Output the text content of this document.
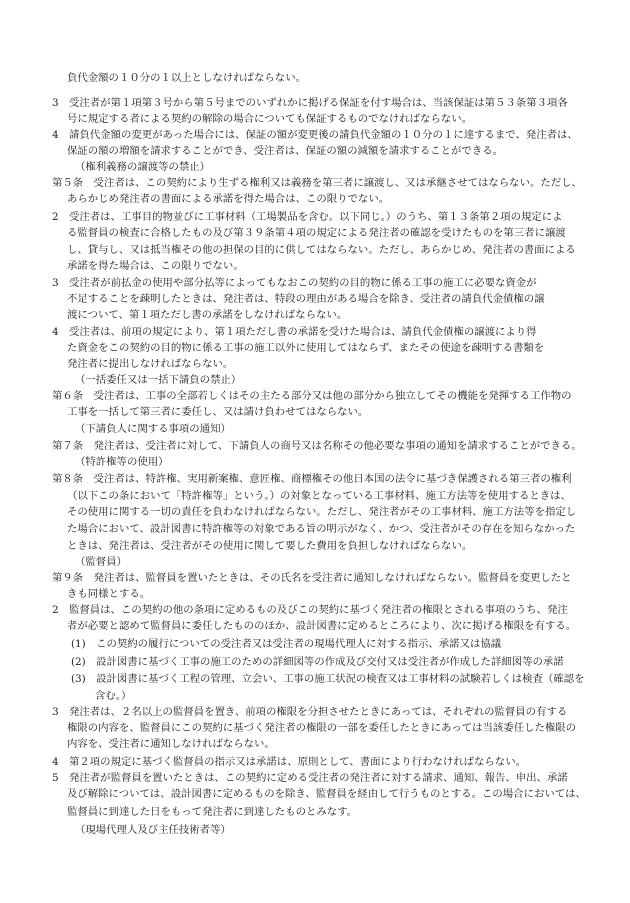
負代金額の１０分の１以上としなければならない。
3　受注者が第１項第３号から第５号までのいずれかに掲げる保証を付す場合は、当該保証は第５３条第３項各
号に規定する者による契約の解除の場合についても保証するものでなければならない。
4　請負代金額の変更があった場合には、保証の額が変更後の請負代金額の１０分の１に達するまで、発注者は、
保証の額の増額を請求することができ、受注者は、保証の額の減額を請求することができる。
（権利義務の譲渡等の禁止）
第５条　受注者は、この契約により生ずる権利又は義務を第三者に譲渡し、又は承継させてはならない。ただし、
あらかじめ発注者の書面による承諾を得た場合は、この限りでない。
2　受注者は、工事目的物並びに工事材料（工場製品を含む。以下同じ。）のうち、第１３条第２項の規定によ
る監督員の検査に合格したもの及び第３９条第４項の規定による発注者の確認を受けたものを第三者に譲渡
し、貸与し、又は抵当権その他の担保の目的に供してはならない。ただし、あらかじめ、発注者の書面による
承諾を得た場合は、この限りでない。
3　受注者が前払金の使用や部分払等によってもなおこの契約の目的物に係る工事の施工に必要な資金が
不足することを疎明したときは、発注者は、特段の理由がある場合を除き、受注者の請負代金債権の譲
渡について、第１項ただし書の承諾をしなければならない。
4　受注者は、前項の規定により、第１項ただし書の承諾を受けた場合は、請負代金債権の譲渡により得
た資金をこの契約の目的物に係る工事の施工以外に使用してはならず、またその使途を疎明する書類を
発注者に提出しなければならない。
（一括委任又は一括下請負の禁止）
第６条　受注者は、工事の全部若しくはその主たる部分又は他の部分から独立してその機能を発揮する工作物の
工事を一括して第三者に委任し、又は請け負わせてはならない。
（下請負人に関する事項の通知）
第７条　発注者は、受注者に対して、下請負人の商号又は名称その他必要な事項の通知を請求することができる。
（特許権等の使用）
第８条　受注者は、特許権、実用新案権、意匠権、商標権その他日本国の法令に基づき保護される第三者の権利
（以下この条において「特許権等」という。）の対象となっている工事材料、施工方法等を使用するときは、
その使用に関する一切の責任を負わなければならない。ただし、発注者がその工事材料、施工方法等を指定し
た場合において、設計図書に特許権等の対象である旨の明示がなく、かつ、受注者がその存在を知らなかった
ときは、発注者は、受注者がその使用に関して要した費用を負担しなければならない。
（監督員）
第９条　発注者は、監督員を置いたときは、その氏名を受注者に通知しなければならない。監督員を変更したと
きも同様とする。
2　監督員は、この契約の他の条項に定めるもの及びこの契約に基づく発注者の権限とされる事項のうち、発注
者が必要と認めて監督員に委任したもののほか、設計図書に定めるところにより、次に掲げる権限を有する。
(1)　この契約の履行についての受注者又は受注者の現場代理人に対する指示、承諾又は協議
(2)　設計図書に基づく工事の施工のための詳細図等の作成及び交付又は受注者が作成した詳細図等の承諾
(3)　設計図書に基づく工程の管理、立会い、工事の施工状況の検査又は工事材料の試験若しくは検査（確認を
含む。）
3　発注者は、２名以上の監督員を置き、前項の権限を分担させたときにあっては、それぞれの監督員の有する
権限の内容を、監督員にこの契約に基づく発注者の権限の一部を委任したときにあっては当該委任した権限の
内容を、受注者に通知しなければならない。
4　第２項の規定に基づく監督員の指示又は承諾は、原則として、書面により行わなければならない。
5　発注者が監督員を置いたときは、この契約に定める受注者の発注者に対する請求、通知、報告、申出、承諾
及び解除については、設計図書に定めるものを除き、監督員を経由して行うものとする。この場合においては、
監督員に到達した日をもって発注者に到達したものとみなす。
（現場代理人及び主任技術者等）
